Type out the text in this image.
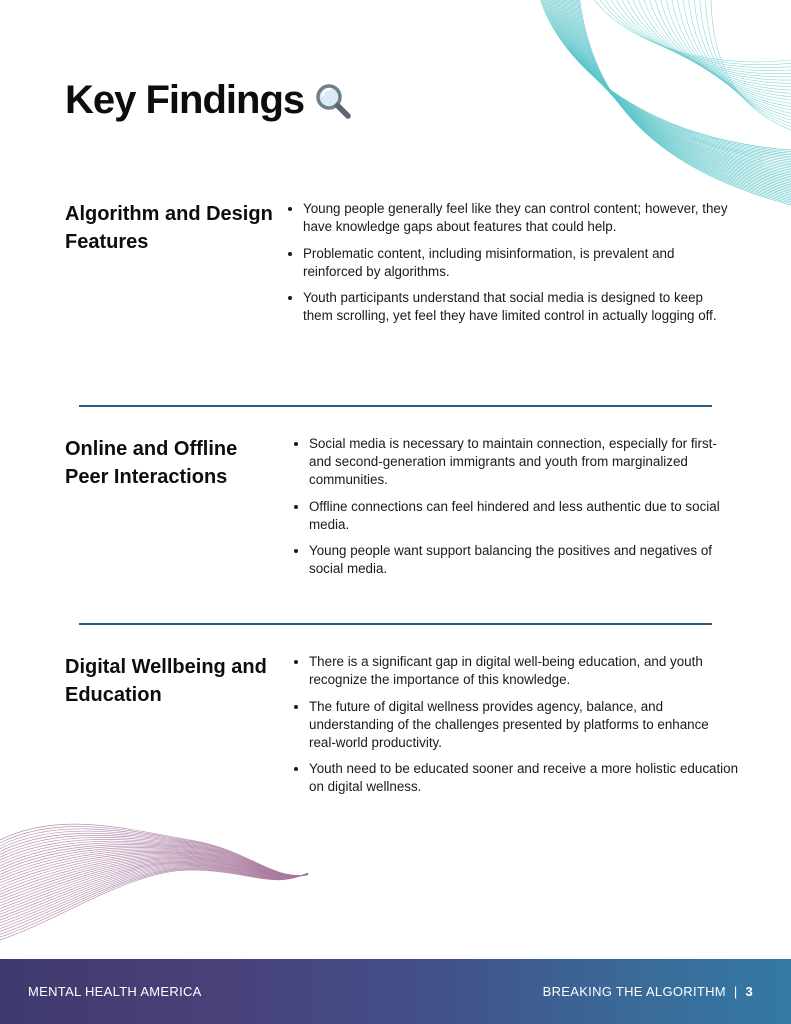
Key Findings
Algorithm and Design Features
• Young people generally feel like they can control content; however, they have knowledge gaps about features that could help.
• Problematic content, including misinformation, is prevalent and reinforced by algorithms.
• Youth participants understand that social media is designed to keep them scrolling, yet feel they have limited control in actually logging off.
Online and Offline Peer Interactions
• Social media is necessary to maintain connection, especially for first- and second-generation immigrants and youth from marginalized communities.
• Offline connections can feel hindered and less authentic due to social media.
• Young people want support balancing the positives and negatives of social media.
Digital Wellbeing and Education
• There is a significant gap in digital well-being education, and youth recognize the importance of this knowledge.
• The future of digital wellness provides agency, balance, and understanding of the challenges presented by platforms to enhance real-world productivity.
• Youth need to be educated sooner and receive a more holistic education on digital wellness.
MENTAL HEALTH AMERICA	BREAKING THE ALGORITHM | 3
